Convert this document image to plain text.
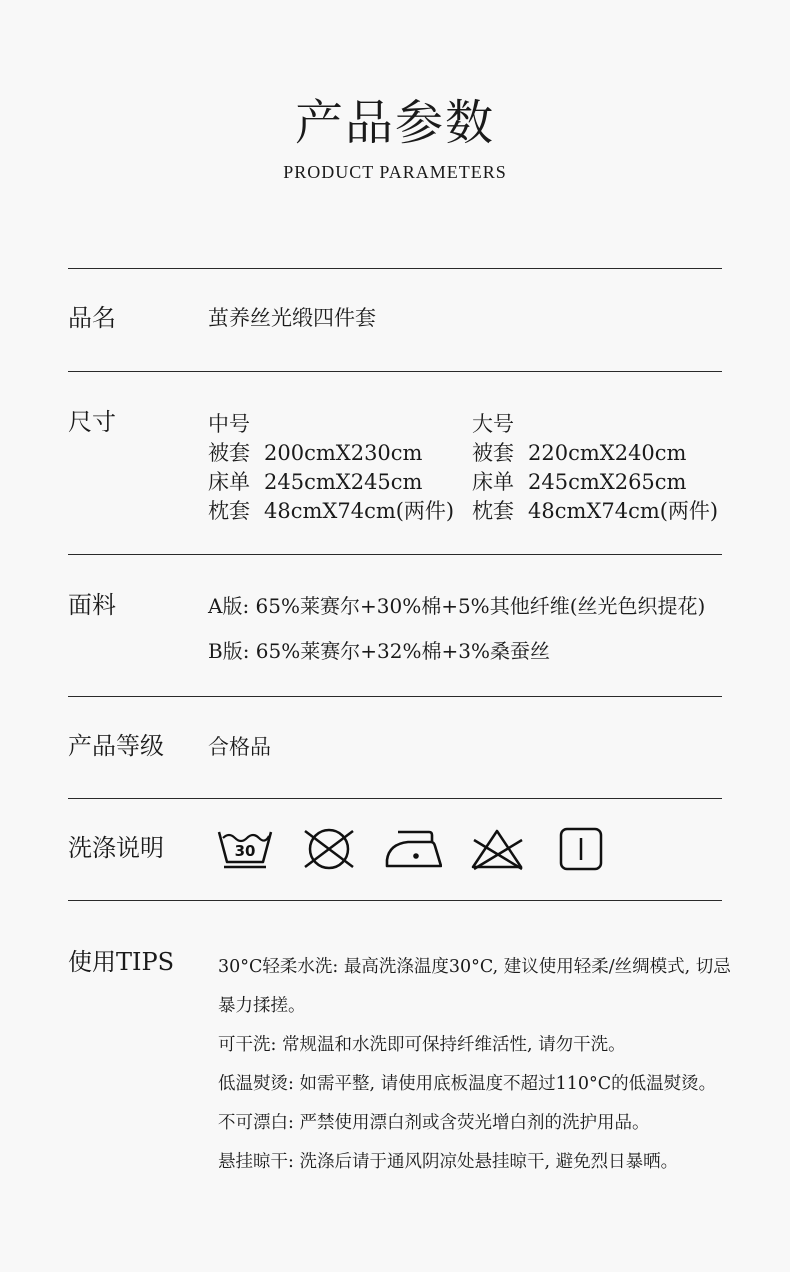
产品参数
PRODUCT PARAMETERS
品名	茧养丝光缎四件套
尺寸	中号
被套 200cmX230cm
床单 245cmX245cm
枕套 48cmX74cm(两件)
大号
被套 220cmX240cm
床单 245cmX265cm
枕套 48cmX74cm(两件)
面料	A版: 65%莱赛尔+30%棉+5%其他纤维(丝光色织提花)
B版: 65%莱赛尔+32%棉+3%桑蚕丝
产品等级 合格品
洗涤说明	30
使用TIPS	30°C轻柔水洗: 最高洗涤温度30°C, 建议使用轻柔/丝绸模式, 切忌暴力揉搓。

可干洗: 常规温和水洗即可保持纤维活性, 请勿干洗。

低温熨烫: 如需平整, 请使用底板温度不超过110°C的低温熨烫。

不可漂白: 严禁使用漂白剂或含荧光增白剂的洗护用品。

悬挂晾干: 洗涤后请于通风阴凉处悬挂晾干, 避免烈日暴晒。
